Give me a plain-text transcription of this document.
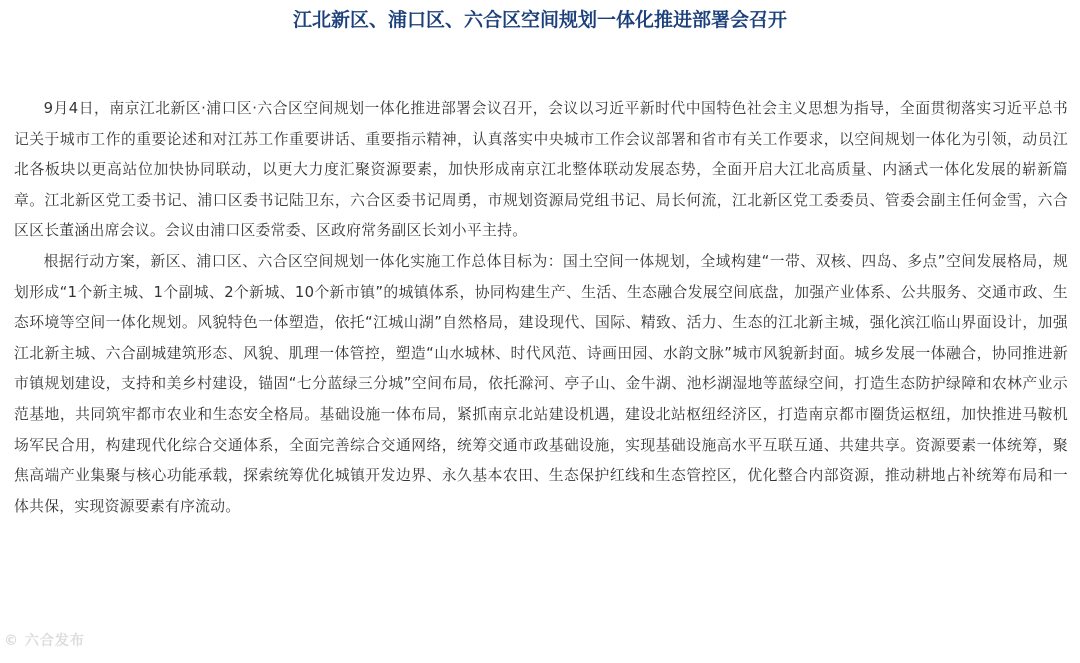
江北新区、浦口区、六合区空间规划一体化推进部署会召开

9月4日，南京江北新区·浦口区·六合区空间规划一体化推进部署会议召开，会议以习近平新时代中国特色社会主义思想为指导，全面贯彻落实习近平总书记关于城市工作的重要论述和对江苏工作重要讲话、重要指示精神，认真落实中央城市工作会议部署和省市有关工作要求，以空间规划一体化为引领，动员江北各板块以更高站位加快协同联动，以更大力度汇聚资源要素，加快形成南京江北整体联动发展态势，全面开启大江北高质量、内涵式一体化发展的崭新篇章。江北新区党工委书记、浦口区委书记陆卫东，六合区委书记周勇，市规划资源局党组书记、局长何流，江北新区党工委委员、管委会副主任何金雪，六合区区长董涵出席会议。会议由浦口区委常委、区政府常务副区长刘小平主持。

根据行动方案，新区、浦口区、六合区空间规划一体化实施工作总体目标为：国土空间一体规划，全域构建“一带、双核、四岛、多点”空间发展格局，规划形成“1个新主城、1个副城、2个新城、10个新市镇”的城镇体系，协同构建生产、生活、生态融合发展空间底盘，加强产业体系、公共服务、交通市政、生态环境等空间一体化规划。风貌特色一体塑造，依托“江城山湖”自然格局，建设现代、国际、精致、活力、生态的江北新主城，强化滨江临山界面设计，加强江北新主城、六合副城建筑形态、风貌、肌理一体管控，塑造“山水城林、时代风范、诗画田园、水韵文脉”城市风貌新封面。城乡发展一体融合，协同推进新市镇规划建设，支持和美乡村建设，锚固“七分蓝绿三分城”空间布局，依托滁河、亭子山、金牛湖、池杉湖湿地等蓝绿空间，打造生态防护绿障和农林产业示范基地，共同筑牢都市农业和生态安全格局。基础设施一体布局，紧抓南京北站建设机遇，建设北站枢纽经济区，打造南京都市圈货运枢纽，加快推进马鞍机场军民合用，构建现代化综合交通体系，全面完善综合交通网络，统筹交通市政基础设施，实现基础设施高水平互联互通、共建共享。资源要素一体统筹，聚焦高端产业集聚与核心功能承载，探索统筹优化城镇开发边界、永久基本农田、生态保护红线和生态管控区，优化整合内部资源，推动耕地占补统筹布局和一体共保，实现资源要素有序流动。

© 六合发布
